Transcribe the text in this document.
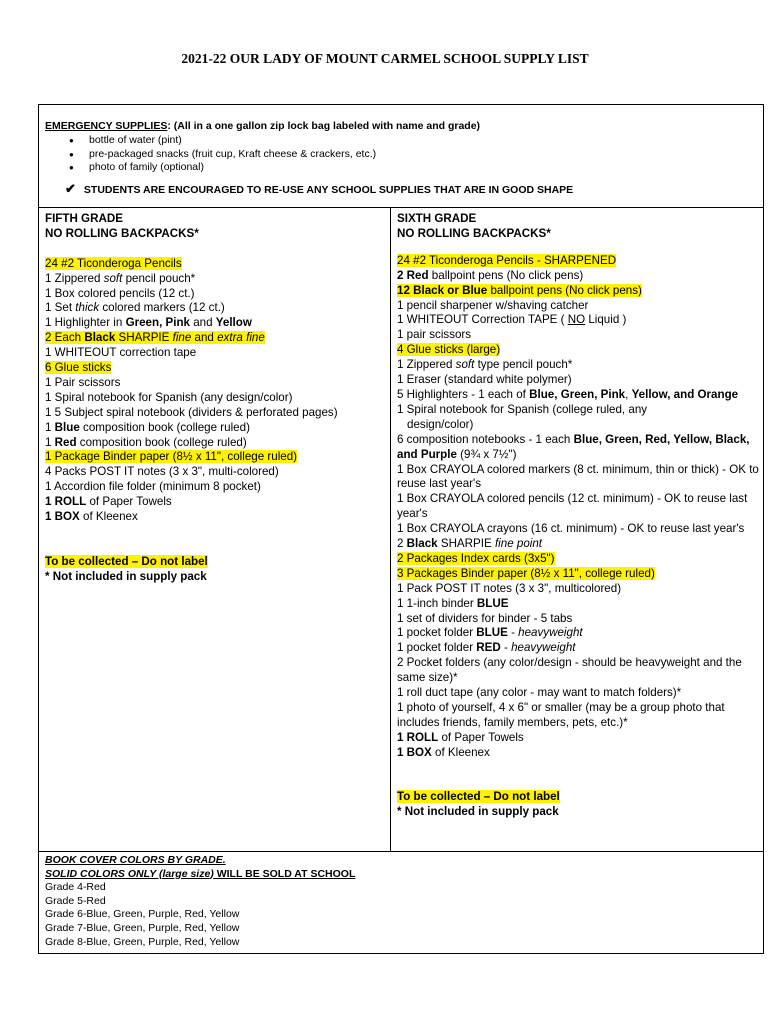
2021-22 OUR LADY OF MOUNT CARMEL SCHOOL SUPPLY LIST
EMERGENCY SUPPLIES: (All in a one gallon zip lock bag labeled with name and grade)
● bottle of water (pint)
● pre-packaged snacks (fruit cup, Kraft cheese & crackers, etc.)
● photo of family (optional)
✔ STUDENTS ARE ENCOURAGED TO RE-USE ANY SCHOOL SUPPLIES THAT ARE IN GOOD SHAPE
FIFTH GRADE
NO ROLLING BACKPACKS*
24 #2 Ticonderoga Pencils
1 Zippered soft pencil pouch*
1 Box colored pencils (12 ct.)
1 Set thick colored markers (12 ct.)
1 Highlighter in Green, Pink and Yellow
2 Each Black SHARPIE fine and extra fine
1 WHITEOUT correction tape
6 Glue sticks
1 Pair scissors
1 Spiral notebook for Spanish (any design/color)
1 5 Subject spiral notebook (dividers & perforated pages)
1 Blue composition book (college ruled)
1 Red composition book (college ruled)
1 Package Binder paper (8½ x 11", college ruled)
4 Packs POST IT notes (3 x 3", multi-colored)
1 Accordion file folder (minimum 8 pocket)
1 ROLL of Paper Towels
1 BOX of Kleenex
To be collected – Do not label
* Not included in supply pack
SIXTH GRADE
NO ROLLING BACKPACKS*
24 #2 Ticonderoga Pencils - SHARPENED
2 Red ballpoint pens (No click pens)
12 Black or Blue ballpoint pens (No click pens)
1 pencil sharpener w/shaving catcher
1 WHITEOUT Correction TAPE ( NO Liquid )
1 pair scissors
4 Glue sticks (large)
1 Zippered soft type pencil pouch*
1 Eraser (standard white polymer)
5 Highlighters - 1 each of Blue, Green, Pink, Yellow, and Orange
1 Spiral notebook for Spanish (college ruled, any
design/color)
6 composition notebooks - 1 each Blue, Green, Red, Yellow, Black, and Purple (9¾ x 7½")
1 Box CRAYOLA colored markers (8 ct. minimum, thin or thick) - OK to reuse last year's
1 Box CRAYOLA colored pencils (12 ct. minimum) - OK to reuse last year's
1 Box CRAYOLA crayons (16 ct. minimum) - OK to reuse last year's
2 Black SHARPIE fine point
2 Packages Index cards (3x5")
3 Packages Binder paper (8½ x 11", college ruled)
1 Pack POST IT notes (3 x 3", multicolored)
1 1-inch binder BLUE
1 set of dividers for binder - 5 tabs
1 pocket folder BLUE - heavyweight
1 pocket folder RED - heavyweight
2 Pocket folders (any color/design - should be heavyweight and the same size)*
1 roll duct tape (any color - may want to match folders)*
1 photo of yourself, 4 x 6" or smaller (may be a group photo that includes friends, family members, pets, etc.)*
1 ROLL of Paper Towels
1 BOX of Kleenex
To be collected – Do not label
* Not included in supply pack
BOOK COVER COLORS BY GRADE.
SOLID COLORS ONLY (large size) WILL BE SOLD AT SCHOOL
Grade 4-Red
Grade 5-Red
Grade 6-Blue, Green, Purple, Red, Yellow
Grade 7-Blue, Green, Purple, Red, Yellow
Grade 8-Blue, Green, Purple, Red, Yellow
